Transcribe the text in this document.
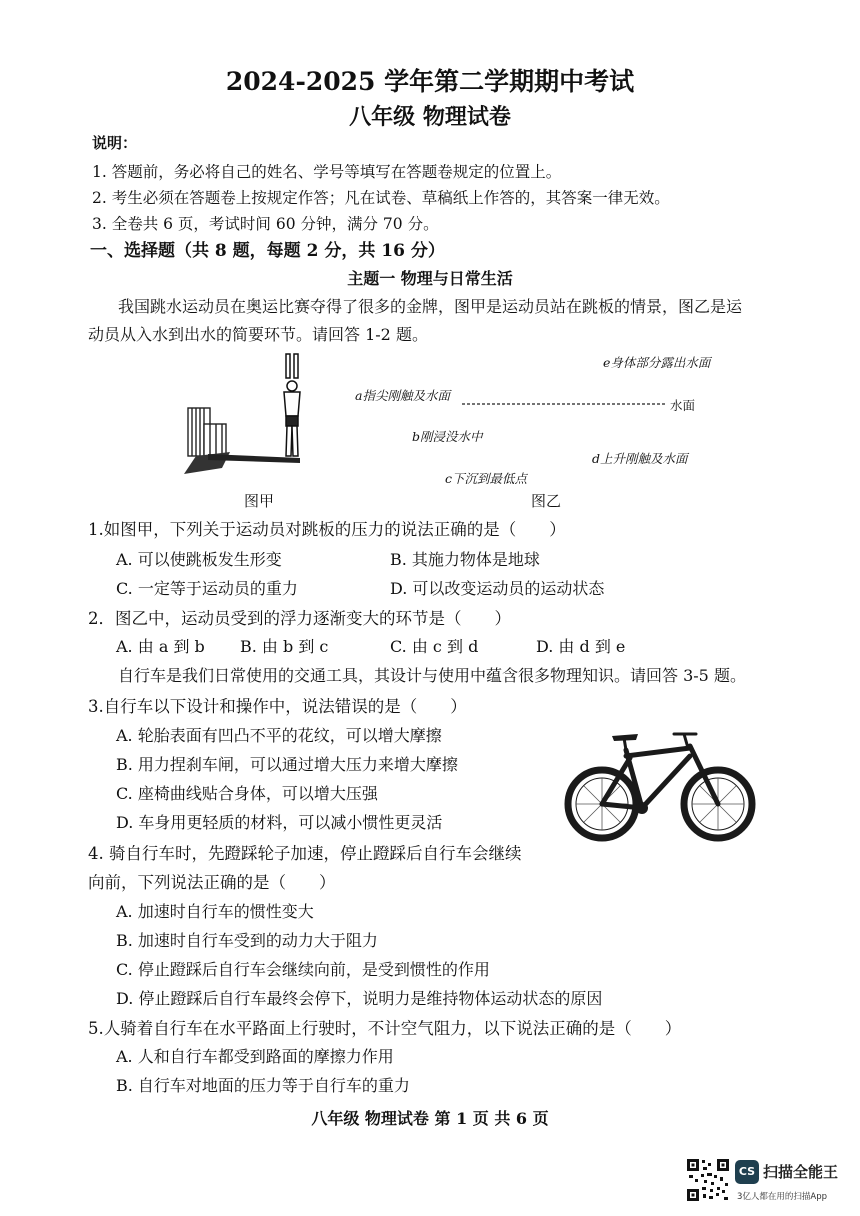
2024-2025 学年第二学期期中考试
八年级 物理试卷
说明：
1. 答题前，务必将自己的姓名、学号等填写在答题卷规定的位置上。
2. 考生必须在答题卷上按规定作答；凡在试卷、草稿纸上作答的，其答案一律无效。
3. 全卷共 6 页，考试时间 60 分钟，满分 70 分。
一、选择题（共 8 题，每题 2 分，共 16 分）
主题一 物理与日常生活
我国跳水运动员在奥运比赛夺得了很多的金牌，图甲是运动员站在跳板的情景，图乙是运
动员从入水到出水的简要环节。请回答 1-2 题。
a指尖刚触及水面
b刚浸没水中
c下沉到最低点
d上升刚触及水面
e身体部分露出水面
水面
图甲	图乙
1.如图甲，下列关于运动员对跳板的压力的说法正确的是（　　）
A. 可以使跳板发生形变	B. 其施力物体是地球
C. 一定等于运动员的重力	D. 可以改变运动员的运动状态
2．图乙中，运动员受到的浮力逐渐变大的环节是（　　）
A. 由 a 到 b B. 由 b 到 c	C. 由 c 到 d	D. 由 d 到 e
自行车是我们日常使用的交通工具，其设计与使用中蕴含很多物理知识。请回答 3-5 题。
3.自行车以下设计和操作中，说法错误的是（　　）
A. 轮胎表面有凹凸不平的花纹，可以增大摩擦
B. 用力捏刹车闸，可以通过增大压力来增大摩擦
C. 座椅曲线贴合身体，可以增大压强
D. 车身用更轻质的材料，可以减小惯性更灵活
4. 骑自行车时，先蹬踩轮子加速，停止蹬踩后自行车会继续
向前，下列说法正确的是（　　）
A. 加速时自行车的惯性变大
B. 加速时自行车受到的动力大于阻力
C. 停止蹬踩后自行车会继续向前，是受到惯性的作用
D. 停止蹬踩后自行车最终会停下，说明力是维持物体运动状态的原因
5.人骑着自行车在水平路面上行驶时，不计空气阻力，以下说法正确的是（　　）
A. 人和自行车都受到路面的摩擦力作用
B. 自行车对地面的压力等于自行车的重力
八年级 物理试卷 第 1 页 共 6 页
CS 扫描全能王
3亿人都在用的扫描App
